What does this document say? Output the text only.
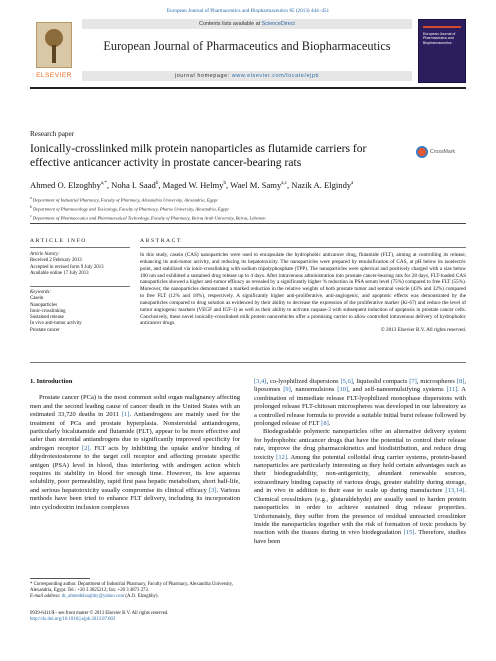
European Journal of Pharmaceutics and Biopharmaceutics 85 (2013) 444–451
ELSEVIER
Contents lists available at ScienceDirect
European Journal of Pharmaceutics and Biopharmaceutics
journal homepage: www.elsevier.com/locate/ejpb
European Journal of Pharmaceutics and Biopharmaceutics
Research paper
Ionically-crosslinked milk protein nanoparticles as flutamide carriers for effective anticancer activity in prostate cancer-bearing rats
CrossMark
Ahmed O. Elzoghby$^{a,*}$, Noha I. Saad$^b$, Maged W. Helmy$^b$, Wael M. Samy$^{a,c}$, Nazik A. Elgindy$^a$
$^a$ Department of Industrial Pharmacy, Faculty of Pharmacy, Alexandria University, Alexandria, Egypt
$^b$ Department of Pharmacology and Toxicology, Faculty of Pharmacy, Pharos University, Alexandria, Egypt
$^c$ Department of Pharmaceutics and Pharmaceutical Technology, Faculty of Pharmacy, Beirut Arab University, Beirut, Lebanon
ARTICLE INFO	ABSTRACT
Article history:
Received 2 February 2013
Accepted in revised form 9 July 2013
Available online 17 July 2013
Keywords:
Casein
Nanoparticles
Ionic-crosslinking
Sustained release
In vivo anti-tumor activity
Prostate cancer

In this study, casein (CAS) nanoparticles were used to encapsulate the hydrophobic anticancer drug, flutamide (FLT), aiming at controlling its release, enhancing its anti-tumor activity, and reducing its hepatotoxicity. The nanoparticles were prepared by emulsification of CAS, at pH below its isoelectric point, and stabilized via ionic-crosslinking with sodium tripolyphosphate (TPP). The nanoparticles were spherical and positively charged with a size below 100 nm and exhibited a sustained drug release up to 4 days. After intravenous administration into prostate cancer-bearing rats for 28 days, FLT-loaded CAS nanoparticles showed a higher anti-tumor efficacy as revealed by a significantly higher % reduction in PSA serum level (75%) compared to free FLT (55%). Moreover, the nanoparticles demonstrated a marked reduction in the relative weights of both prostate tumor and seminal vesicle (43% and 32%) compared to free FLT (12% and 18%), respectively. A significantly higher anti-proliferative, anti-angiogenic, and apoptotic effects was demonstrated by the nanoparticles compared to drug solution as evidenced by their ability to decrease the expression of the proliferative marker (Ki-67) and reduce the level of tumor angiogenic markers (VEGF and IGF-1) as well as their ability to activate caspase-3 with subsequent induction of apoptosis in prostate cancer cells. Conclusively, these novel ionically-crosslinked milk protein nanovehicles offer a promising carrier to allow controlled intravenous delivery of hydrophobic anticancer drugs.

© 2013 Elsevier B.V. All rights reserved.
1. Introduction

Prostate cancer (PCa) is the most common solid organ malignancy affecting men and the second leading cause of cancer death in the United States with an estimated 33,720 deaths in 2011 [1]. Antiandrogens are mainly used for the treatment of PCa and prostate hyperplasia. Nonsteroidal antiandrogens, particularly bicalutamide and flutamide (FLT), appear to be more effective and safer than steroidal antiandrogens due to significantly improved specificity for androgen receptor [2]. FLT acts by inhibiting the uptake and/or binding of dihydrotestosterone to the target cell receptor and affecting prostate specific antigen (PSA) level in blood, thus interfering with androgen action which requires its stability in blood for enough time. However, its low aqueous solubility, poor permeability, rapid first pass hepatic metabolism, short half-life, and serious hepatotoxicity usually compromise its clinical efficacy [3]. Various methods have been tried to enhance FLT delivery, including its incorporation into cyclodextrin inclusion complexes

[3,4], co-lyophilized dispersions [5,6], liquisolid compacts [7], microspheres [8], liposomes [9], nanoemulsions [10], and self-nanoemulsifying systems [11]. A combination of immediate release FLT-lyophilized monophase dispersions with prolonged release FLT-chitosan microspheres was developed in our laboratory as a controlled release formula to provide a suitable initial burst release followed by prolonged release of FLT [8].

Biodegradable polymeric nanoparticles offer an alternative delivery system for hydrophobic anticancer drugs that have the potential to control their release rate, improve the drug pharmacokinetics and biodistribution, and reduce drug toxicity [12]. Among the potential colloidal drug carrier systems, protein-based nanoparticles are particularly interesting as they hold certain advantages such as their biodegradability, non-antigenicity, abundant renewable sources, extraordinary binding capacity of various drugs, greater stability during storage, and in vivo in addition to their ease to scale up during manufacture [13,14]. Chemical crosslinkers (e.g., glutaraldehyde) are usually used to harden protein nanoparticles in order to achieve sustained drug release properties. Unfortunately, they suffer from the presence of residual unreacted crosslinker inside the nanoparticles together with the risk of formation of toxic products by reaction with the tissues during in vivo biodegradation [15]. Therefore, studies have been

* Corresponding author. Department of Industrial Pharmacy, Faculty of Pharmacy, Alexandria University, Alexandria, Egypt. Tel.: +20 3 3825212; fax: +20 3 4873 273.
E-mail address: dr_ahmedelzoghby@yahoo.com (A.O. Elzoghby).
0939-6411/$ - see front matter © 2013 Elsevier B.V. All rights reserved.
http://dx.doi.org/10.1016/j.ejpb.2013.07.003
